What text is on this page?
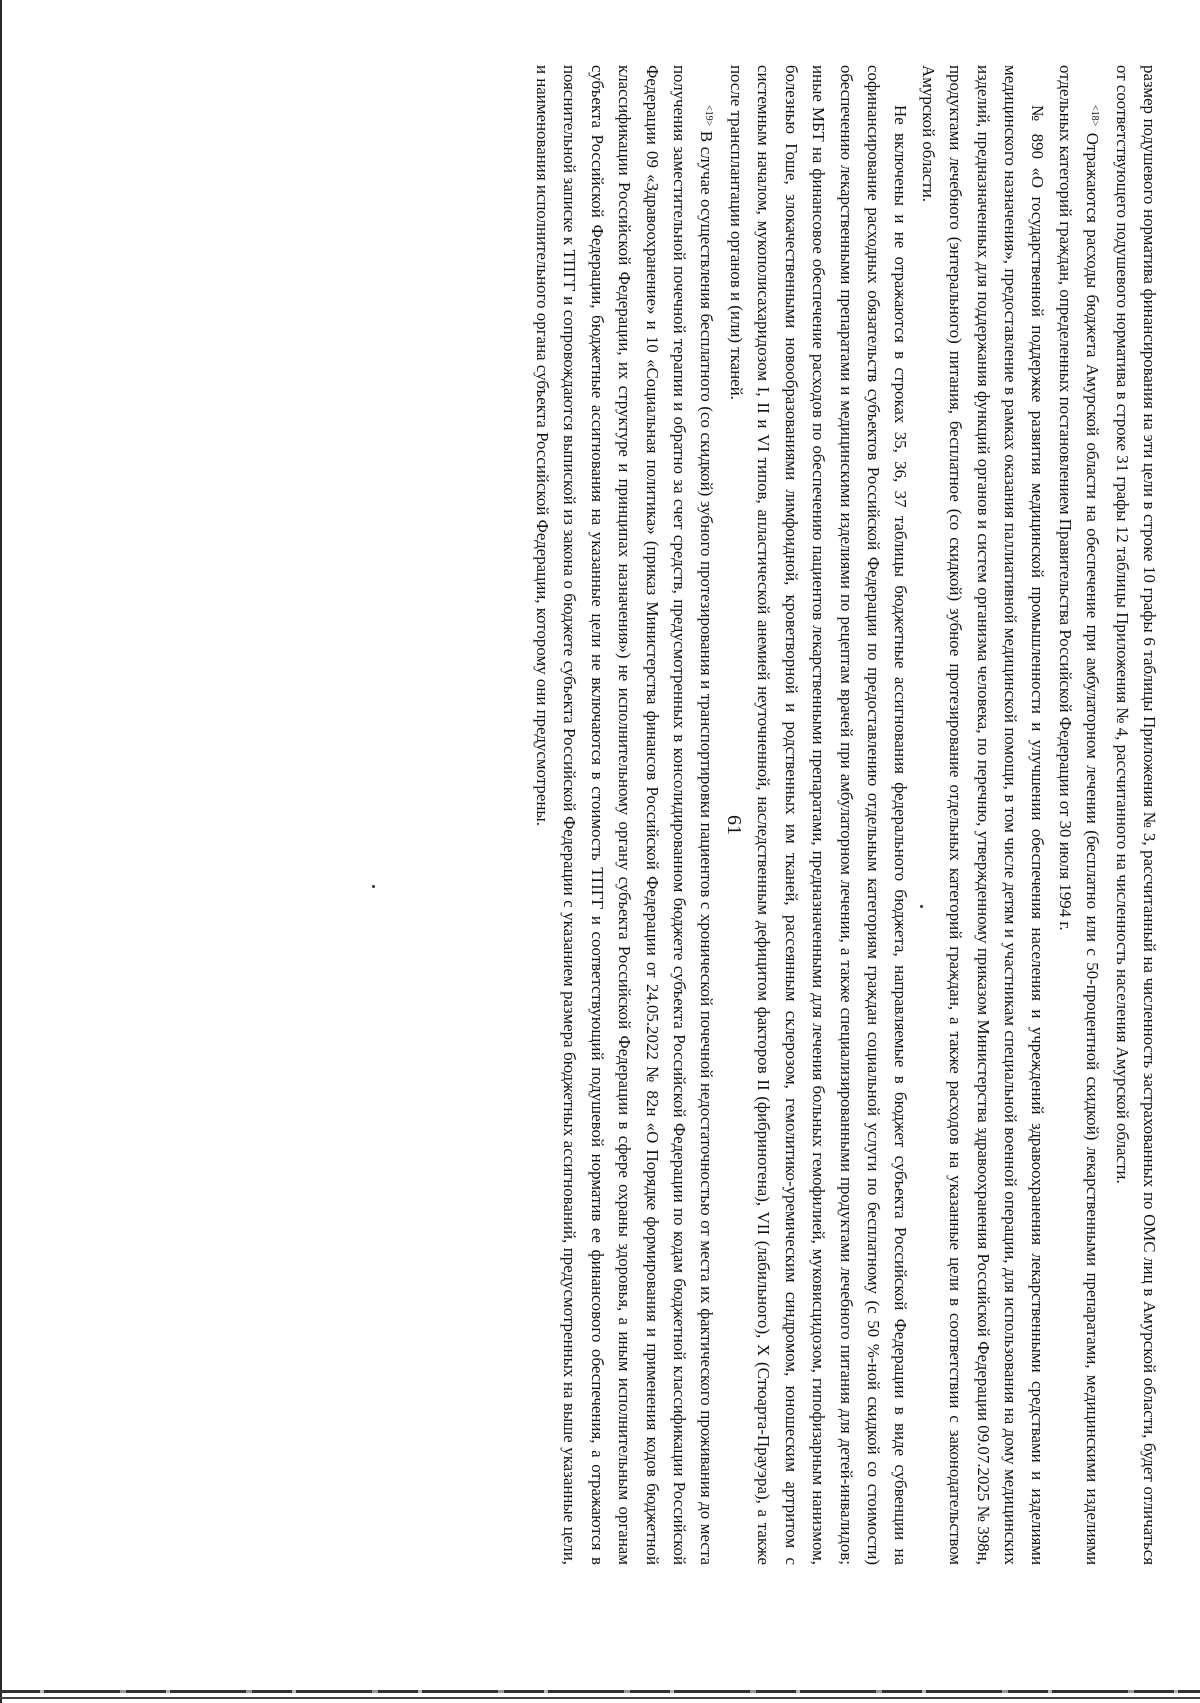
61	размер подушевого норматива финансирования на эти цели в строке 10 графы 6 таблицы Приложения № 3, рассчитанный на численность застрахованных по ОМС лиц в Амурской области, будет отличаться от соответствующего подушевого норматива в строке 31 графы 12 таблицы Приложения № 4, рассчитанного на численность населения Амурской области.

$^{<18>}$ Отражаются расходы бюджета Амурской области на обеспечение при амбулаторном лечении (бесплатно или с 50-процентной скидкой) лекарственными препаратами, медицинскими изделиями отдельных категорий граждан, определенных постановлением Правительства Российской Федерации от 30 июля 1994 г.

№ 890 «О государственной поддержке развития медицинской промышленности и улучшении обеспечения населения и учреждений здравоохранения лекарственными средствами и изделиями медицинского назначения», предоставление в рамках оказания паллиативной медицинской помощи, в том числе детям и участникам специальной военной операции, для использования на дому медицинских изделий, предназначенных для поддержания функций органов и систем организма человека, по перечню, утвержденному приказом Министерства здравоохранения Российской Федерации 09.07.2025 № 398н, продуктами лечебного (энтерального) питания, бесплатное (со скидкой) зубное протезирование отдельных категорий граждан, а также расходов на указанные цели в соответствии с законодательством Амурской области.

Не включены и не отражаются в строках 35, 36, 37 таблицы бюджетные ассигнования федерального бюджета, направляемые в бюджет субъекта Российской Федерации в виде субвенции на софинансирование расходных обязательств субъектов Российской Федерации по предоставлению отдельным категориям граждан социальной услуги по бесплатному (с 50 %-ной скидкой со стоимости) обеспечению лекарственными препаратами и медицинскими изделиями по рецептам врачей при амбулаторном лечении, а также специализированными продуктами лечебного питания для детей-инвалидов; иные МБТ на финансовое обеспечение расходов по обеспечению пациентов лекарственными препаратами, предназначенными для лечения больных гемофилией, муковисцидозом, гипофизарным нанизмом, болезнью Гоше, злокачественными новообразованиями лимфоидной, кроветворной и родственных им тканей, рассеянным склерозом, гемолитико-уремическим синдромом, юношеским артритом с системным началом, мукополисахаридозом I, II и VI типов, апластической анемией неуточненной, наследственным дефицитом факторов II (фибриногена), VII (лабильного), X (Стюарта-Прауэра), а также после трансплантации органов и (или) тканей.

$^{<19>}$ В случае осуществления бесплатного (со скидкой) зубного протезирования и транспортировки пациентов с хронической почечной недостаточностью от места их фактического проживания до места получения заместительной почечной терапии и обратно за счет средств, предусмотренных в консолидированном бюджете субъекта Российской Федерации по кодам бюджетной классификации Российской Федерации 09 «Здравоохранение» и 10 «Социальная политика» (приказ Министерства финансов Российской Федерации от 24.05.2022 № 82н «О Порядке формирования и применения кодов бюджетной классификации Российской Федерации, их структуре и принципах назначения») не исполнительному органу субъекта Российской Федерации в сфере охраны здоровья, а иным исполнительным органам субъекта Российской Федерации, бюджетные ассигнования на указанные цели не включаются в стоимость ТПГГ и соответствующий подушевой норматив ее финансового обеспечения, а отражаются в пояснительной записке к ТПГГ и сопровождаются выпиской из закона о бюджете субъекта Российской Федерации с указанием размера бюджетных ассигнований, предусмотренных на выше указанные цели, и наименования исполнительного органа субъекта Российской Федерации, которому они предусмотрены.
